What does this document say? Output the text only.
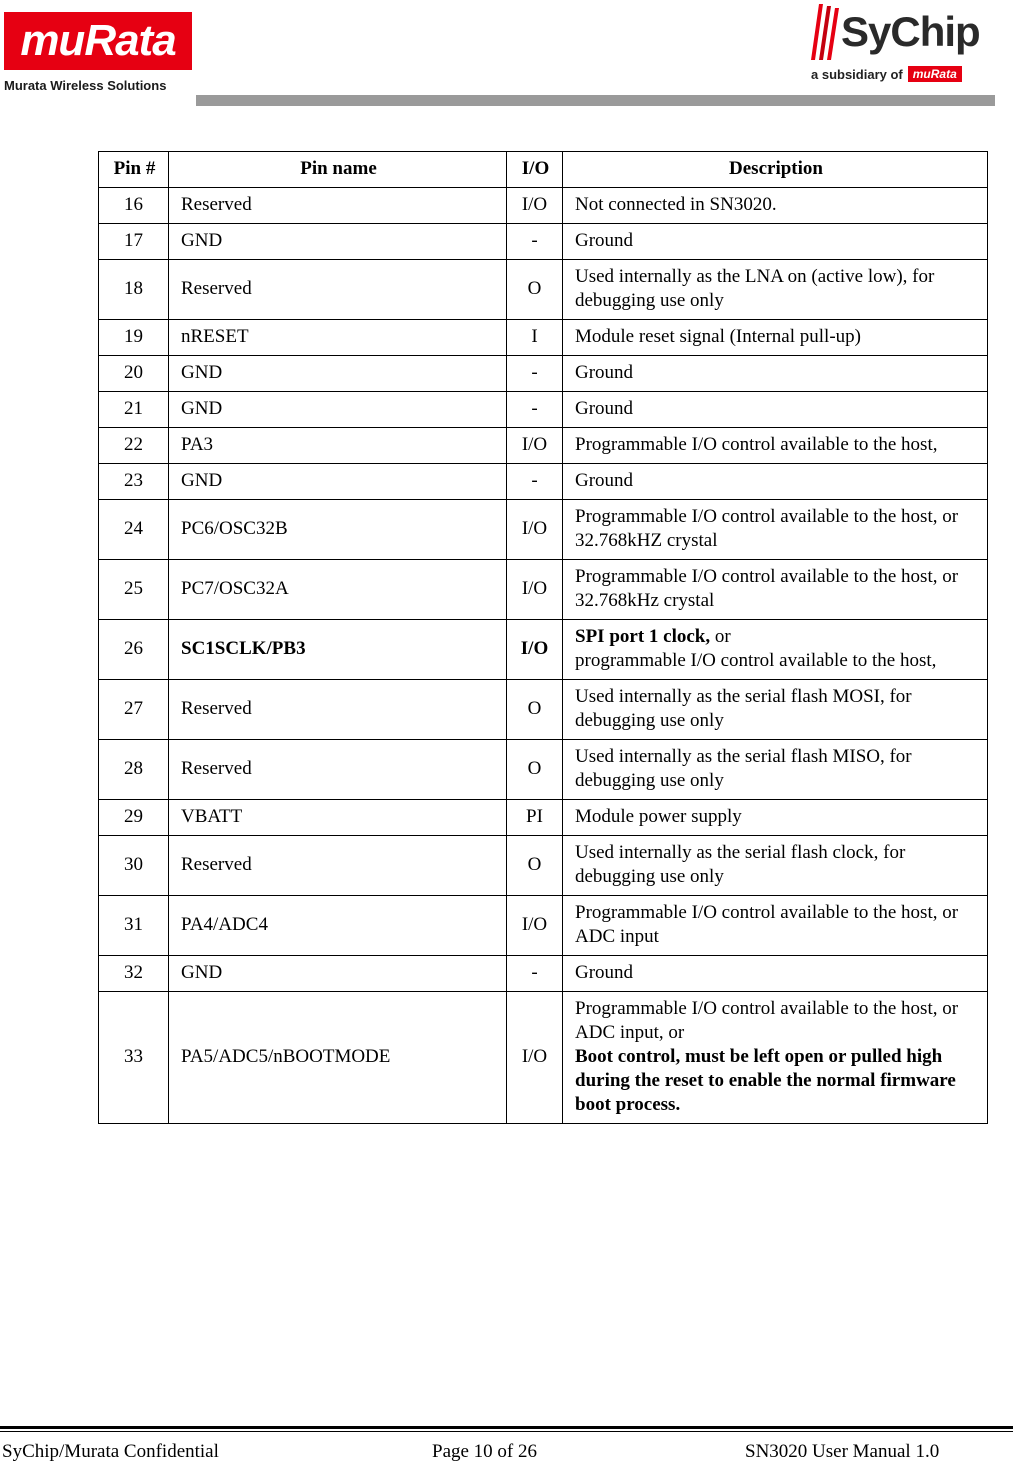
muRata
Murata Wireless Solutions
SyChip
a subsidiary of muRata
Pin #	Pin name	I/O	Description
16	Reserved	I/O	Not connected in SN3020.

17	GND	-	Ground

18	Reserved	O	Used internally as the LNA on (active low), for debugging use only

19	nRESET	I	Module reset signal (Internal pull-up)

20	GND	-	Ground

21	GND	-	Ground

22	PA3	I/O	Programmable I/O control available to the host,

23	GND	-	Ground

24	PC6/OSC32B	I/O	Programmable I/O control available to the host, or
32.768kHZ crystal

25	PC7/OSC32A	I/O	Programmable I/O control available to the host, or
32.768kHz crystal

26	SC1SCLK/PB3	I/O	SPI port 1 clock, or
programmable I/O control available to the host,

27	Reserved	O	Used internally as the serial flash MOSI, for debugging use only

28	Reserved	O	Used internally as the serial flash MISO, for debugging use only

29	VBATT	PI	Module power supply

30	Reserved	O	Used internally as the serial flash clock, for debugging use only

31	PA4/ADC4	I/O	Programmable I/O control available to the host, or ADC input

32	GND	-	Ground

33	PA5/ADC5/nBOOTMODE	I/O	Programmable I/O control available to the host, or
ADC input, or
Boot control, must be left open or pulled high during the reset to enable the normal firmware boot process.
SyChip/Murata Confidential	Page 10 of 26	SN3020 User Manual 1.0
